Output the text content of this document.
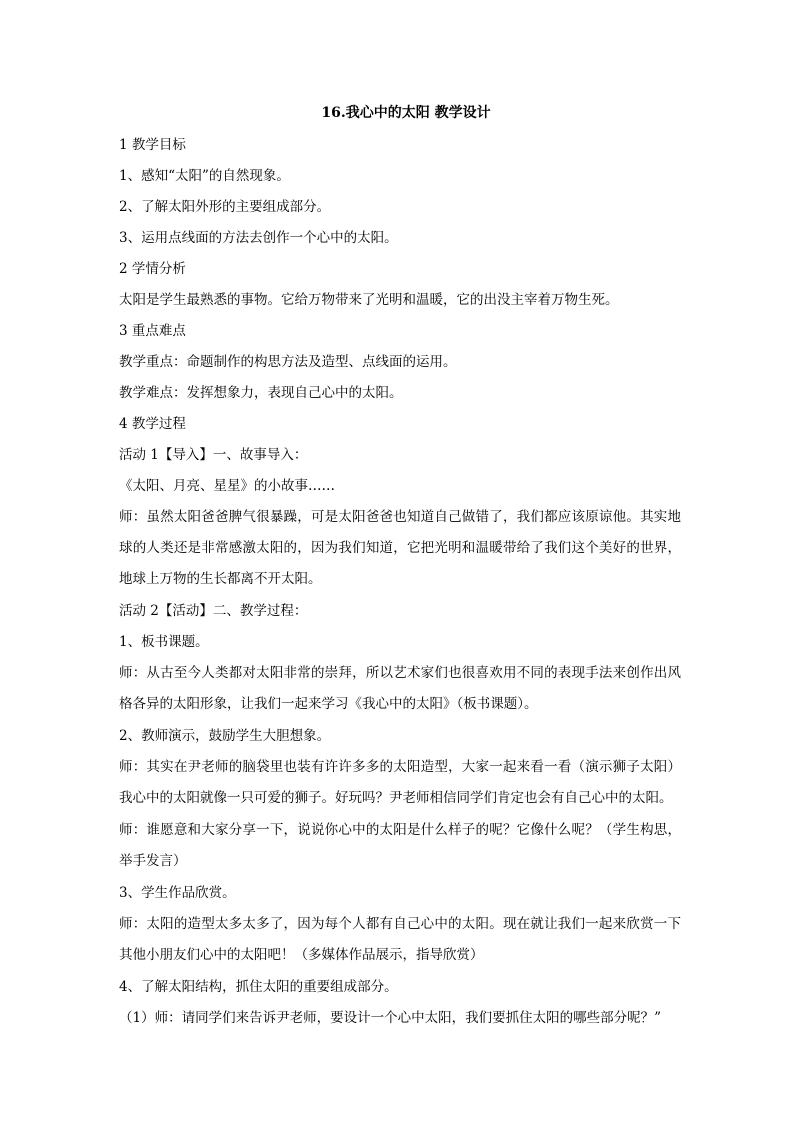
16.我心中的太阳 教学设计
1 教学目标
1、感知“太阳”的自然现象。
2、了解太阳外形的主要组成部分。
3、运用点线面的方法去创作一个心中的太阳。
2 学情分析
太阳是学生最熟悉的事物。它给万物带来了光明和温暖，它的出没主宰着万物生死。
3 重点难点
教学重点：命题制作的构思方法及造型、点线面的运用。
教学难点：发挥想象力，表现自己心中的太阳。
4 教学过程
活动 1【导入】一、故事导入：
《太阳、月亮、星星》的小故事……
师：虽然太阳爸爸脾气很暴躁，可是太阳爸爸也知道自己做错了，我们都应该原谅他。其实地球的人类还是非常感激太阳的，因为我们知道，它把光明和温暖带给了我们这个美好的世界，地球上万物的生长都离不开太阳。
活动 2【活动】二、教学过程：
1、板书课题。
师：从古至今人类都对太阳非常的崇拜，所以艺术家们也很喜欢用不同的表现手法来创作出风格各异的太阳形象，让我们一起来学习《我心中的太阳》（板书课题）。
2、教师演示，鼓励学生大胆想象。
师：其实在尹老师的脑袋里也装有许许多多的太阳造型，大家一起来看一看（演示狮子太阳）我心中的太阳就像一只可爱的狮子。好玩吗？尹老师相信同学们肯定也会有自己心中的太阳。
师：谁愿意和大家分享一下，说说你心中的太阳是什么样子的呢？它像什么呢？（学生构思，举手发言）
3、学生作品欣赏。
师：太阳的造型太多太多了，因为每个人都有自己心中的太阳。现在就让我们一起来欣赏一下其他小朋友们心中的太阳吧！（多媒体作品展示，指导欣赏）
4、了解太阳结构，抓住太阳的重要组成部分。
（1）师：请同学们来告诉尹老师，要设计一个心中太阳，我们要抓住太阳的哪些部分呢？”
